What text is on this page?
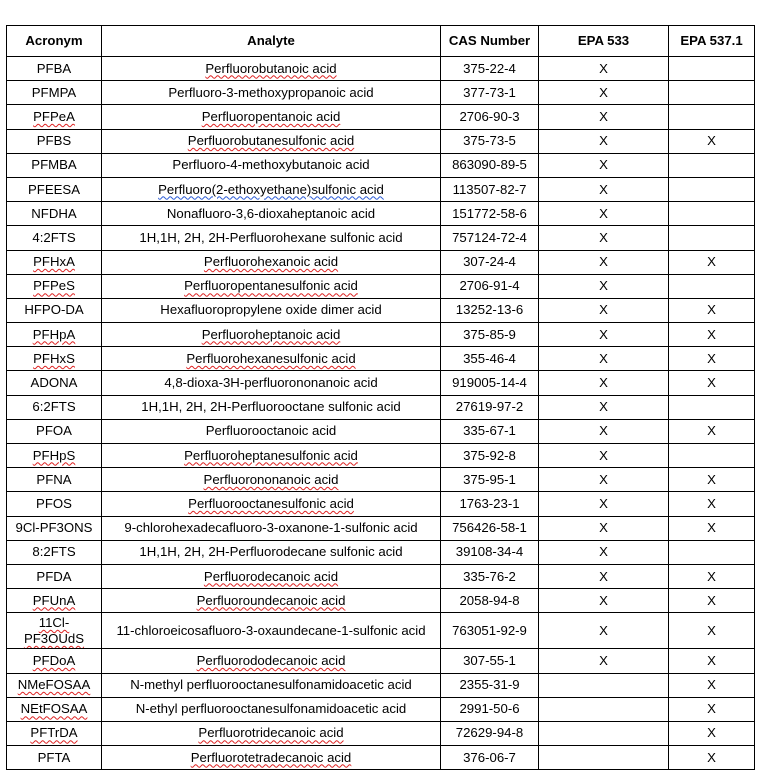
Acronym	Analyte	CAS Number	EPA 533	EPA 537.1
PFBA	Perfluorobutanoic acid	375-22-4	X	
PFMPA	Perfluoro-3-methoxypropanoic acid	377-73-1	X	
PFPeA	Perfluoropentanoic acid	2706-90-3	X	
PFBS	Perfluorobutanesulfonic acid	375-73-5	X	X
PFMBA	Perfluoro-4-methoxybutanoic acid	863090-89-5	X	
PFEESA	Perfluoro(2-ethoxyethane)sulfonic acid	113507-82-7	X	
NFDHA	Nonafluoro-3,6-dioxaheptanoic acid	151772-58-6	X	
4:2FTS	1H,1H, 2H, 2H-Perfluorohexane sulfonic acid	757124-72-4	X	
PFHxA	Perfluorohexanoic acid	307-24-4	X	X
PFPeS	Perfluoropentanesulfonic acid	2706-91-4	X	
HFPO-DA	Hexafluoropropylene oxide dimer acid	13252-13-6	X	X
PFHpA	Perfluoroheptanoic acid	375-85-9	X	X
PFHxS	Perfluorohexanesulfonic acid	355-46-4	X	X
ADONA	4,8-dioxa-3H-perfluorononanoic acid	919005-14-4	X	X
6:2FTS	1H,1H, 2H, 2H-Perfluorooctane sulfonic acid	27619-97-2	X	
PFOA	Perfluorooctanoic acid	335-67-1	X	X
PFHpS	Perfluoroheptanesulfonic acid	375-92-8	X	
PFNA	Perfluorononanoic acid	375-95-1	X	X
PFOS	Perfluorooctanesulfonic acid	1763-23-1	X	X
9Cl-PF3ONS	9-chlorohexadecafluoro-3-oxanone-1-sulfonic acid	756426-58-1	X	X
8:2FTS	1H,1H, 2H, 2H-Perfluorodecane sulfonic acid	39108-34-4	X	
PFDA	Perfluorodecanoic acid	335-76-2	X	X
PFUnA	Perfluoroundecanoic acid	2058-94-8	X	X
11Cl-PF3OUdS	11-chloroeicosafluoro-3-oxaundecane-1-sulfonic acid	763051-92-9	X	X
PFDoA	Perfluorododecanoic acid	307-55-1	X	X
NMeFOSAA	N-methyl perfluorooctanesulfonamidoacetic acid	2355-31-9		X
NEtFOSAA	N-ethyl perfluorooctanesulfonamidoacetic acid	2991-50-6		X
PFTrDA	Perfluorotridecanoic acid	72629-94-8		X
PFTA	Perfluorotetradecanoic acid	376-06-7		X
